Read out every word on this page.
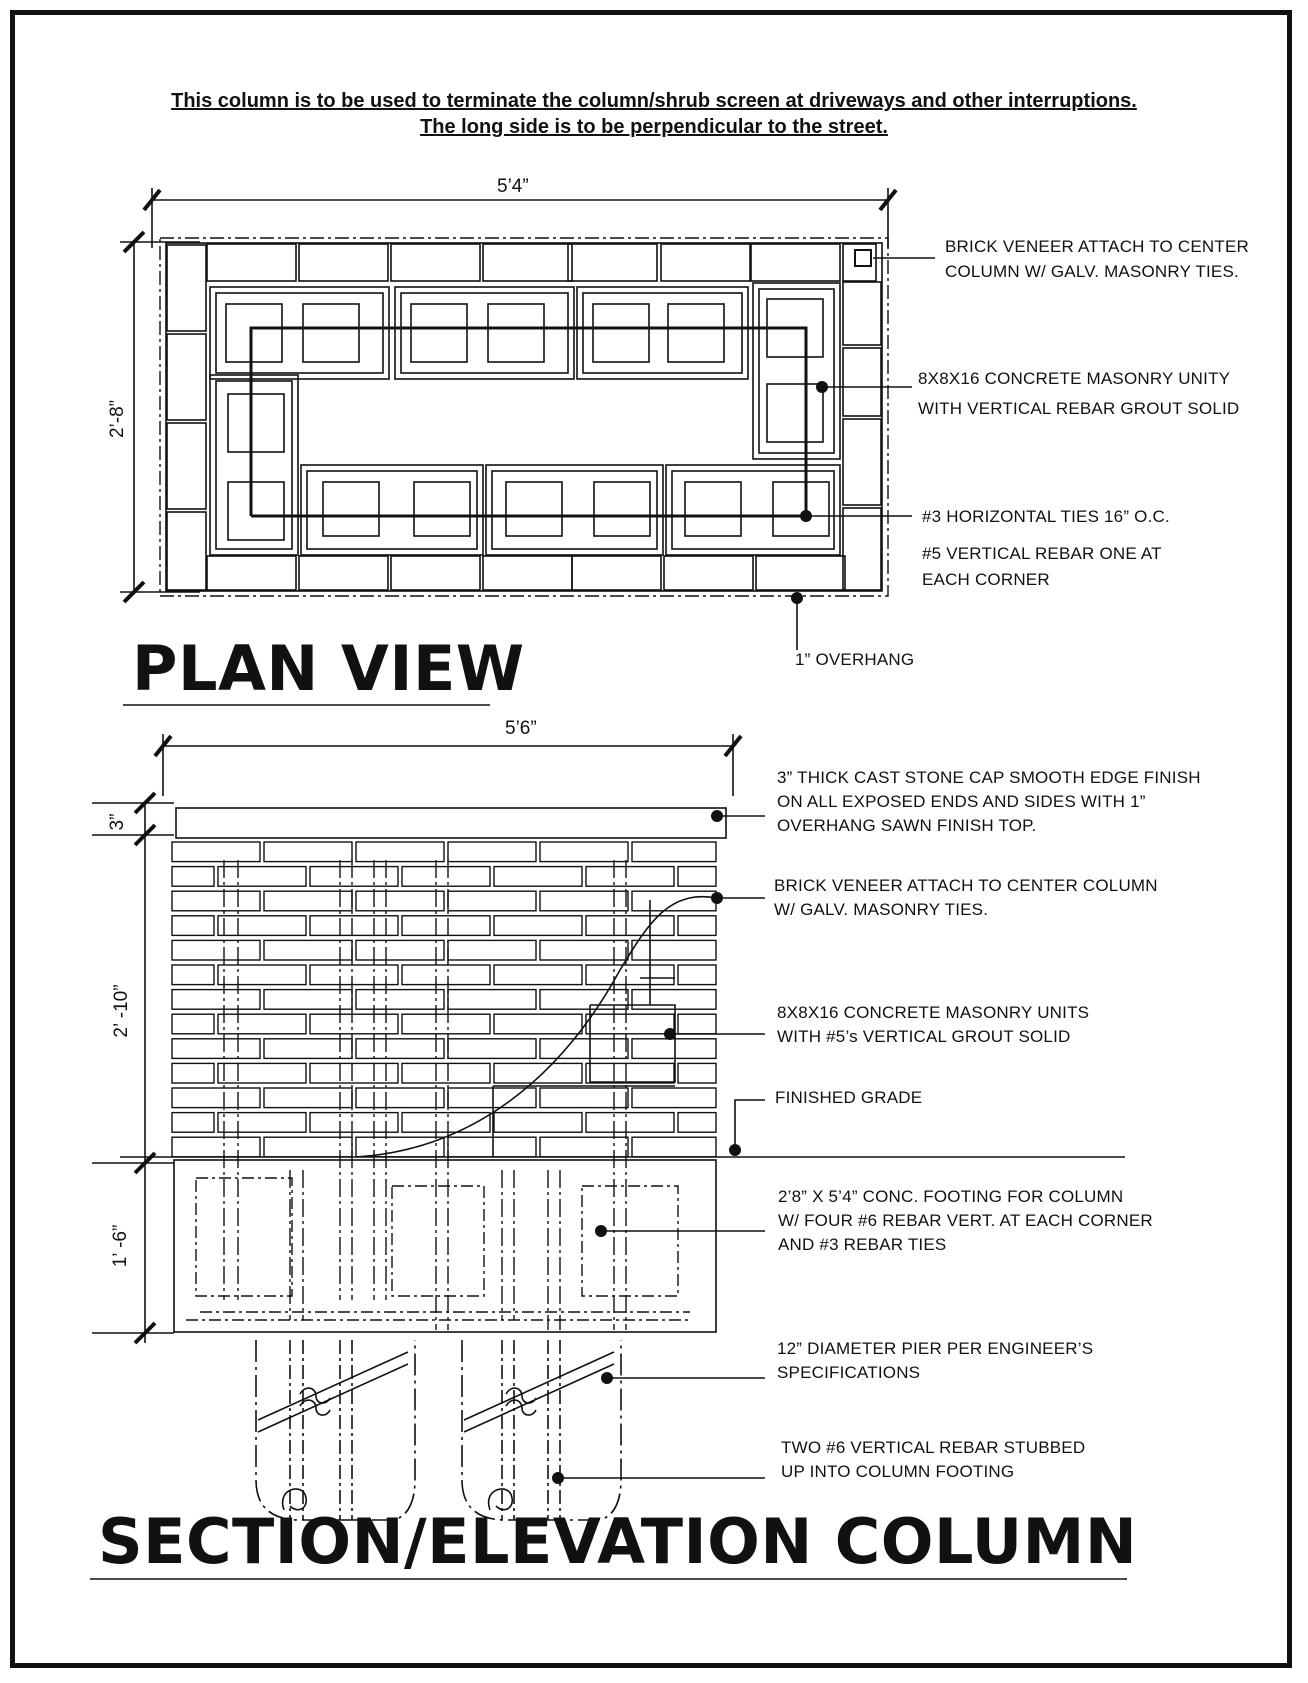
This column is to be used to terminate the column/shrub screen at driveways and other interruptions.
The long side is to be perpendicular to the street.
5’4”
2’-8”
BRICK VENEER ATTACH TO CENTER
COLUMN W/ GALV. MASONRY TIES.
8X8X16 CONCRETE MASONRY UNITY
WITH VERTICAL REBAR GROUT SOLID
#3 HORIZONTAL TIES 16” O.C.
#5 VERTICAL REBAR ONE AT
EACH CORNER
1” OVERHANG
PLAN VIEW
5’6”
3”
2’ -10”
1’ -6”
3” THICK CAST STONE CAP SMOOTH EDGE FINISH
ON ALL EXPOSED ENDS AND SIDES WITH 1”
OVERHANG SAWN FINISH TOP.
BRICK VENEER ATTACH TO CENTER COLUMN
W/ GALV. MASONRY TIES.
8X8X16 CONCRETE MASONRY UNITS
WITH #5’s VERTICAL GROUT SOLID
FINISHED GRADE
2’8” X 5’4” CONC. FOOTING FOR COLUMN
W/ FOUR #6 REBAR VERT. AT EACH CORNER
AND #3 REBAR TIES
12” DIAMETER PIER PER ENGINEER’S
SPECIFICATIONS
TWO #6 VERTICAL REBAR STUBBED
UP INTO COLUMN FOOTING
SECTION/ELEVATION COLUMN
